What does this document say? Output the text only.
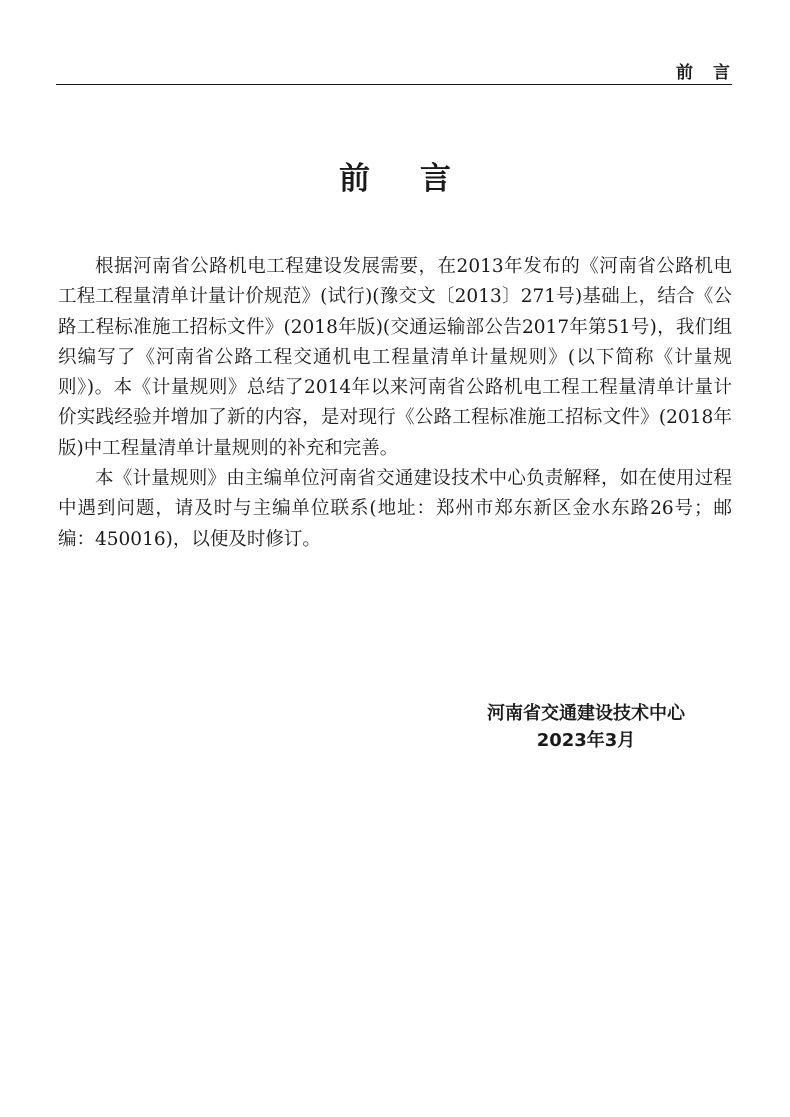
前言
前言

根据河南省公路机电工程建设发展需要，在2013年发布的《河南省公路机电工程工程量清单计量计价规范》(试行)(豫交文〔2013〕271号)基础上，结合《公路工程标准施工招标文件》(2018年版)(交通运输部公告2017年第51号)，我们组织编写了《河南省公路工程交通机电工程量清单计量规则》(以下简称《计量规则》)。本《计量规则》总结了2014年以来河南省公路机电工程工程量清单计量计价实践经验并增加了新的内容，是对现行《公路工程标准施工招标文件》(2018年版)中工程量清单计量规则的补充和完善。

本《计量规则》由主编单位河南省交通建设技术中心负责解释，如在使用过程中遇到问题，请及时与主编单位联系(地址：郑州市郑东新区金水东路26号；邮编：450016)，以便及时修订。

河南省交通建设技术中心
2023年3月
